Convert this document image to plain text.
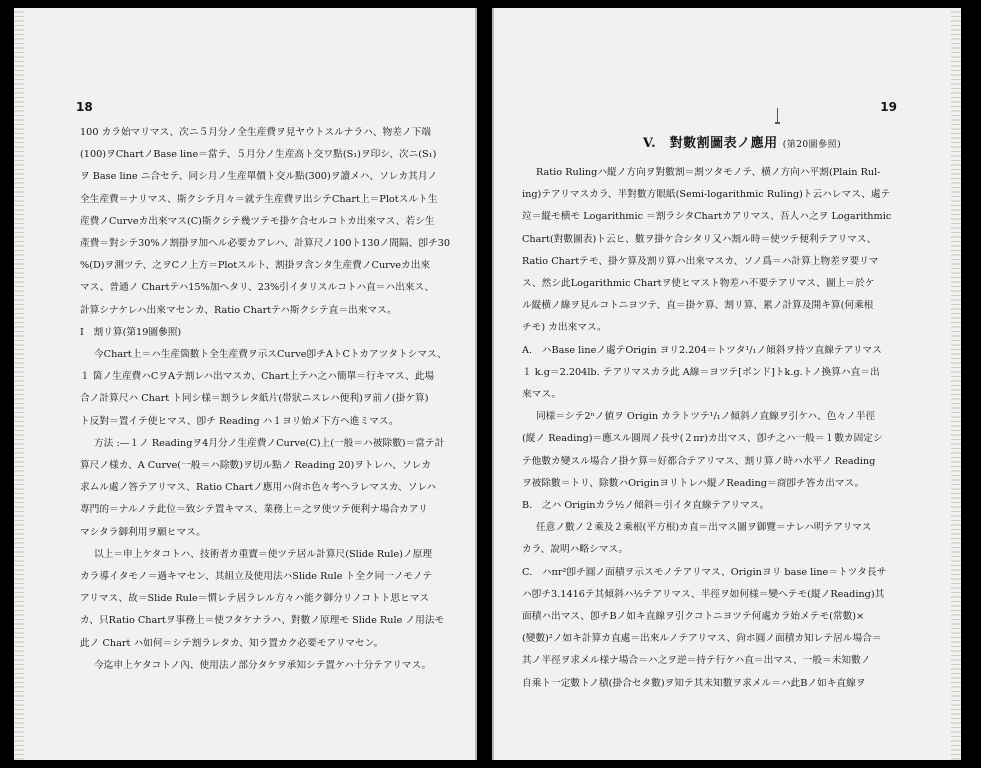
18
100 カラ始マリマス、次ニ５月分ノ全生産費ヲ見ヤウトスルナラハ、物差ノ下端
(100)ヲChartノBase line＝當テ、５月分ノ生産高ト交ワ點(S₁)ヲ印シ、次ニ(S₁)
ヲ Base line ニ合セテ、同シ月ノ生産單價ト交ル點(300)ヲ讀メハ、ソレカ其月ノ
全生産費＝ナリマス、斯クシテ月々＝就テ生産費ヲ出シテChart上＝Plotスルト生
産費ノCurveカ出來マス(C)斯クシテ幾ツテモ掛ケ合セルコトカ出來マス、若シ生
產費＝對シテ30%ノ割掛ヲ加ヘル必要カアレハ、計算尺ノ100ト130ノ間隔、卽チ30
%(D)ヲ測ツテ、之ヲCノ上方＝Plotスルト、割掛ヲ含ンタ生産費ノCurveカ出來
マス、普通ノ Chartテハ15%加ヘタリ、23%引イタリスルコトハ直＝ハ出來ス、
計算シナケレハ出來マセンカ、Ratio Chartテハ斯クシテ直＝出來マス。
I　割リ算(第19圖參照)
今Chart上＝ハ生産箇數ト全生産費ヲ示スCurve卽チAトCトカアツタトシマス、
１ 箇ノ生産費ハCヲAテ割レハ出マスカ、Chart上テハ之ハ簡單＝行キマス、此場
合ノ計算尺ハ Chart ト同シ様＝割ラレタ紙片(帯狀ニスレハ便利)ヲ前ノ(掛ケ算)
ト反對＝置イテ使ヒマス、卽チ Reading ハ１ヨリ始メ下方ヘ進ミマス。
方法 :—１ノ Readingヲ4月分ノ生産費ノCurve(C)上(一般＝ハ被除數)＝當テ計
算尺ノ様カ、A Curve(一般＝ハ除數)ヲ切ル點ノ Reading 20)ヲトレハ、ソレカ
求ムル處ノ答テアリマス、Ratio Chartノ應用ハ尙ホ色々考ヘラレマスカ、ソレハ
專門的＝ナルノテ此位＝致シテ置キマス、業務上＝之ヲ使ツテ便利ナ場合カアリ
マシタラ御利用ヲ願ヒマス。
以上＝申上ケタコトハ、技術者カ重寶＝使ツテ居ル計算尺(Slide Rule)ノ原理
カラ導イタモノ＝過キマセン、其組立及使用法ハSlide Rule ト全ク同一ノモノテ
アリマス、故＝Slide Rule＝慣レテ居ラレル方々ハ能ク御分リノコトト思ヒマス
カ、只Ratio Chartヲ事務上＝使フタケナラハ、對數ノ原理モ Slide Rule ノ用法モ
此ノ Chart ハ如何＝シテ割ラレタカ、知ラ置カク必要モアリマセン。
今迄申上ケタコトノ內、使用法ノ部分タケヲ承知シテ置ケハ十分テアリマス。
19
V.　對數割圖表ノ應用 (第20圖參照)
Ratio Rulingハ縦ノ方向ヲ對數割＝割ツタモノテ、横ノ方向ハ平割(Plain Rul-
ing)テアリマスカラ、半對數方眼紙(Semi-logarithmic Ruling)ト云ハレマス、處テ
竝＝縦モ横モ Logarithmic ＝割ラシタChartカアリマス、吾人ハ之ヲ Logarithmic
Chart(對數圖表)ト云ヒ、數ヲ掛ケ合シタリ又ハ割ル時＝使ツテ便利テアリマス、
Ratio Chartテモ、掛ケ算及割リ算ハ出來マスカ、ソノ爲＝ハ計算上物差ヲ要リマ
ス、然シ此Logarithmic Chartヲ使ヒマスト物差ハ不要テアリマス、圖上＝於ケ
ル縦横ノ線ヲ見ルコトニヨツテ、直＝掛ケ算、割リ算、累ノ計算及開キ算(何乘根
チモ) カ出來マス。
A.　ハBase lineノ處テOrigin ヨリ2.204＝トツタ¹/₁ノ傾斜ヲ持ツ直線テアリマス
１ k.g＝2.204lb. テアリマスカラ此 A線＝ヨツテ[ポンド]トk.g.トノ換算ハ直＝出
來マス。
同様＝シテ2ⁿノ値ヲ Origin カラトツテ¹/₁ノ傾斜ノ直線ヲ引ケハ、色々ノ半徑
(縦ノ Reading)＝應スル圓周ノ長サ(２πr)カ出マス、卽チ之ハ一般＝１數カ固定シ
テ他數カ變スル場合ノ掛ケ算＝好都合テアリマス、割リ算ノ時ハ水平ノ Reading
ヲ被除數＝トリ、除數ハOriginヨリトレハ縦ノReading＝商卽チ答カ出マス。
B.　之ハ Originカラ½ノ傾斜＝引イタ直線テアリマス。
任意ノ數ノ２乘及２乘根(平方根)カ直＝出マス圖ヲ御覽＝ナレハ明テアリマス
カラ、說明ハ略シマス。
C.　ハπr²卽チ圓ノ面積ヲ示スモノテアリマス、Originヨリ base line＝トツタ長サ
ハ卽チ3.1416テ其傾斜ハ½テアリマス、半徑ヲ如何様＝變ヘテモ(縦ノReading)其
面積ハ出マス、卽チBノ如キ直線ヲ引クコトニヨツテ何處カラ始メテモ(常數)×
(變數)²ノ如キ計算カ直處＝出來ルノテアリマス、尙ホ圓ノ面積カ知レテ居ル場合＝
其ノ半徑ヲ求メル様ナ場合＝ハ之ヲ逆＝持テ行ケハ直＝出マス、一般＝未知數ノ
自乘ト一定數トノ積(掛合セタ數)ヲ知テ其未知數ヲ求メル＝ハ此Bノ如キ直線ヲ
